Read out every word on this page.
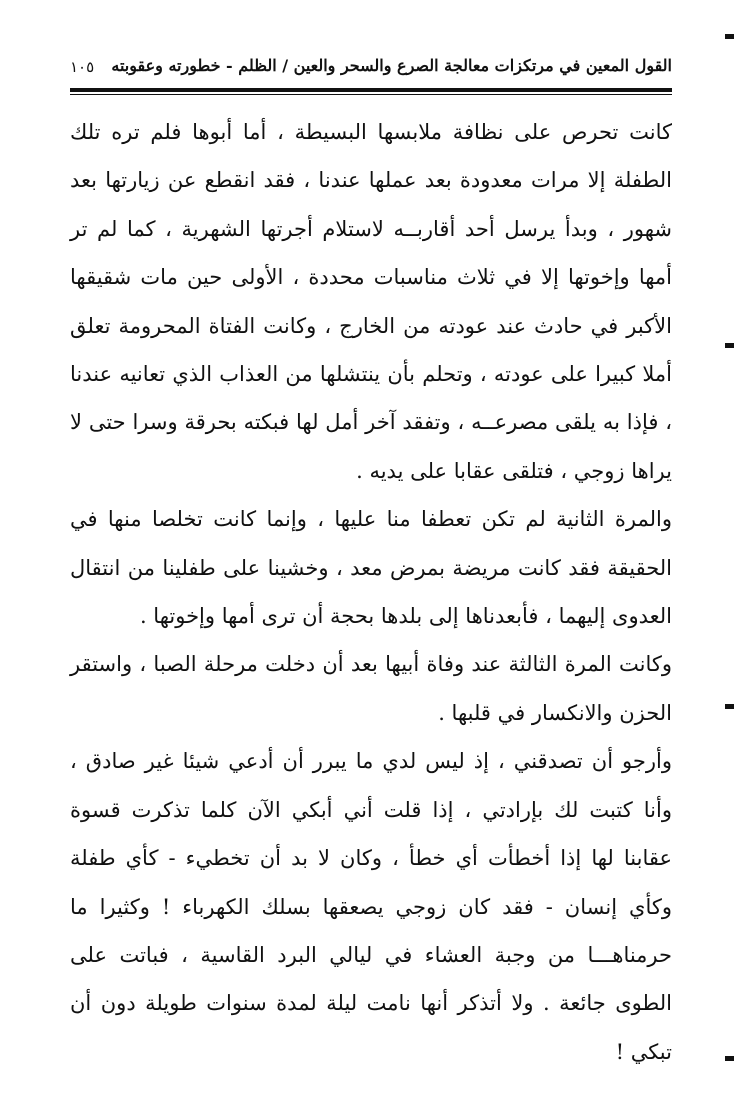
القول المعين في مرتكزات معالجة الصرع والسحر والعين / الظلم - خطورته وعقوبته
١٠٥

كانت تحرص على نظافة ملابسها البسيطة ، أما أبوها فلم تره تلك الطفلة إلا مرات معدودة بعد عملها عندنا ، فقد انقطع عن زيارتها بعد شهور ، وبدأ يرسل أحد أقاربــه لاستلام أجرتها الشهرية ، كما لم تر أمها وإخوتها إلا في ثلاث مناسبات محددة ، الأولى حين مات شقيقها الأكبر في حادث عند عودته من الخارج ، وكانت الفتاة المحرومة تعلق أملا كبيرا على عودته ، وتحلم بأن ينتشلها من العذاب الذي تعانيه عندنا ، فإذا به يلقى مصرعــه ، وتفقد آخر أمل لها فبكته بحرقة وسرا حتى لا يراها زوجي ، فتلقى عقابا على يديه .

والمرة الثانية لم تكن تعطفا منا عليها ، وإنما كانت تخلصا منها في الحقيقة فقد كانت مريضة بمرض معد ، وخشينا على طفلينا من انتقال العدوى إليهما ، فأبعدناها إلى بلدها بحجة أن ترى أمها وإخوتها .

وكانت المرة الثالثة عند وفاة أبيها بعد أن دخلت مرحلة الصبا ، واستقر الحزن والانكسار في قلبها .

وأرجو أن تصدقني ، إذ ليس لدي ما يبرر أن أدعي شيئا غير صادق ، وأنا كتبت لك بإرادتي ، إذا قلت أني أبكي الآن كلما تذكرت قسوة عقابنا لها إذا أخطأت أي خطأ ، وكان لا بد أن تخطيء - كأي طفلة وكأي إنسان - فقد كان زوجي يصعقها بسلك الكهرباء ! وكثيرا ما حرمناهـــا من وجبة العشاء في ليالي البرد القاسية ، فباتت على الطوى جائعة . ولا أتذكر أنها نامت ليلة لمدة سنوات طويلة دون أن تبكي !
